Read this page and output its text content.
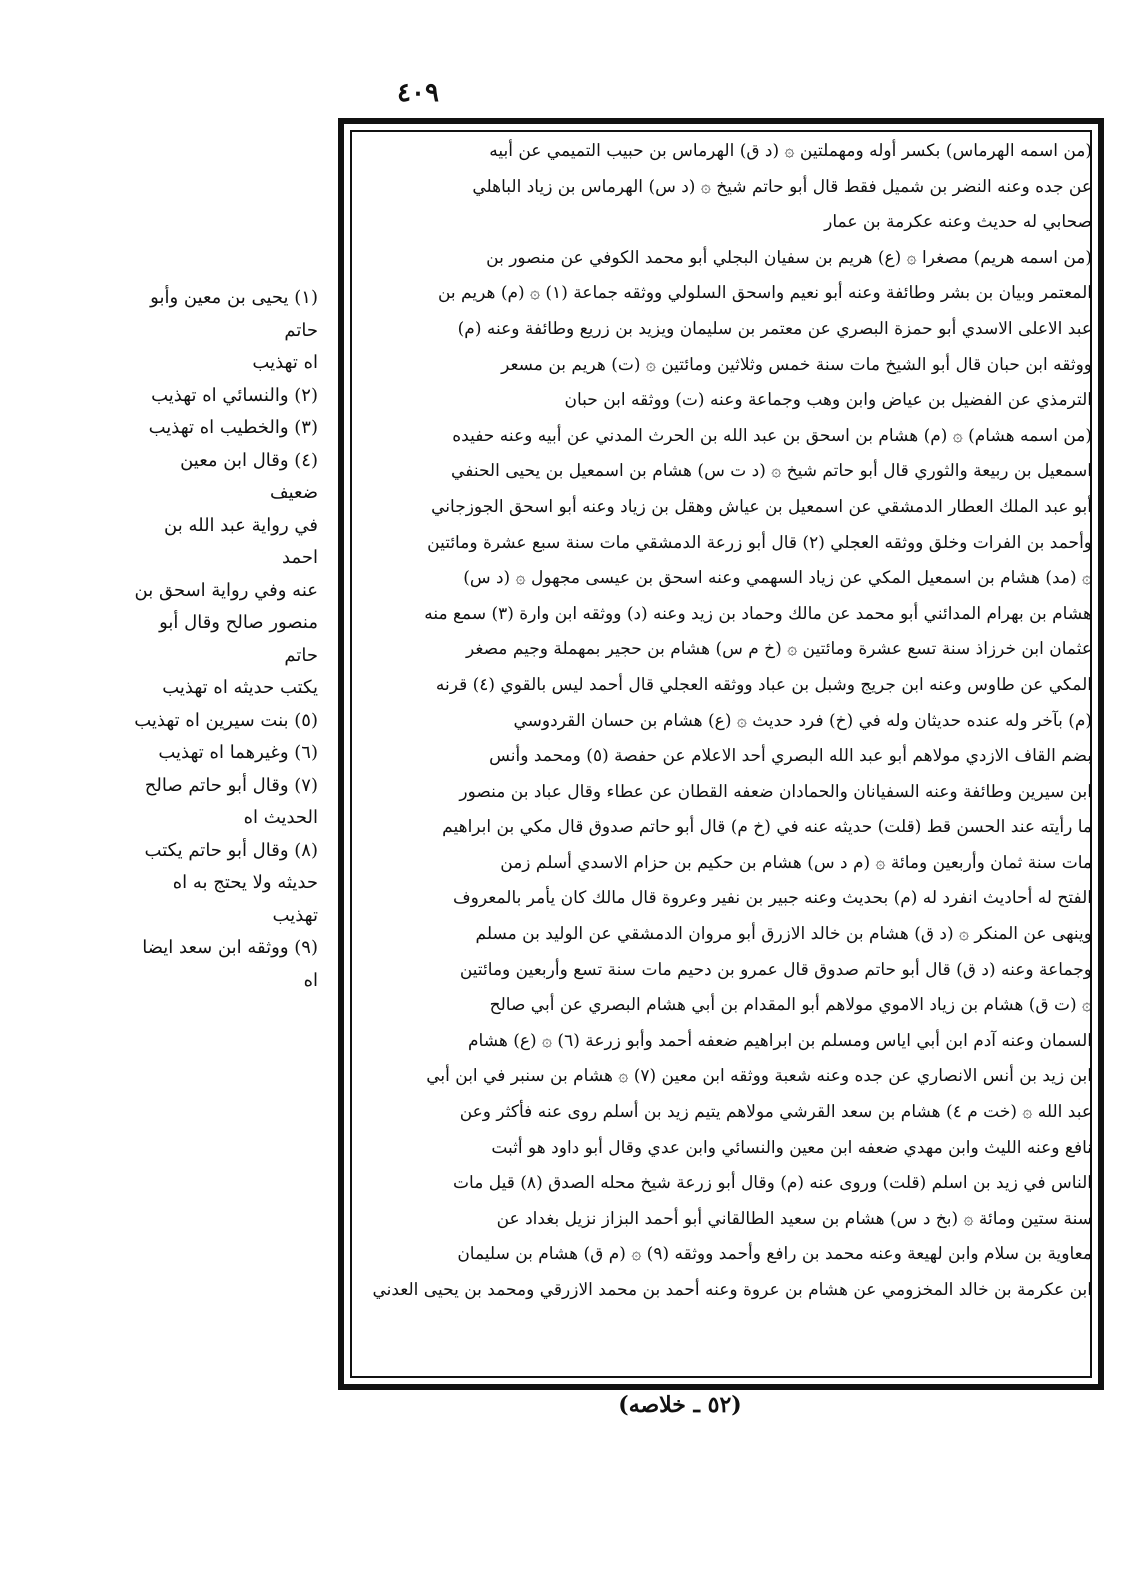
٤٠٩

(من اسمه الهرماس) بكسر أوله ومهملتين ۞ (د ق) الهرماس بن حبيب التميمي عن أبيه

عن جده وعنه النضر بن شميل فقط قال أبو حاتم شيخ ۞ (د س) الهرماس بن زياد الباهلي

صحابي له حديث وعنه عكرمة بن عمار

(من اسمه هريم) مصغرا ۞ (ع) هريم بن سفيان البجلي أبو محمد الكوفي عن منصور بن

المعتمر وبيان بن بشر وطائفة وعنه أبو نعيم واسحق السلولي ووثقه جماعة (١) ۞ (م) هريم بن

عبد الاعلى الاسدي أبو حمزة البصري عن معتمر بن سليمان ويزيد بن زريع وطائفة وعنه (م)

ووثقه ابن حبان قال أبو الشيخ مات سنة خمس وثلاثين ومائتين ۞ (ت) هريم بن مسعر

الترمذي عن الفضيل بن عياض وابن وهب وجماعة وعنه (ت) ووثقه ابن حبان

(من اسمه هشام) ۞ (م) هشام بن اسحق بن عبد الله بن الحرث المدني عن أبيه وعنه حفيده

اسمعيل بن ربيعة والثوري قال أبو حاتم شيخ ۞ (د ت س) هشام بن اسمعيل بن يحيى الحنفي

أبو عبد الملك العطار الدمشقي عن اسمعيل بن عياش وهقل بن زياد وعنه أبو اسحق الجوزجاني

وأحمد بن الفرات وخلق ووثقه العجلي (٢) قال أبو زرعة الدمشقي مات سنة سبع عشرة ومائتين

۞ (مد) هشام بن اسمعيل المكي عن زياد السهمي وعنه اسحق بن عيسى مجهول ۞ (د س)

هشام بن بهرام المدائني أبو محمد عن مالك وحماد بن زيد وعنه (د) ووثقه ابن وارة (٣) سمع منه

عثمان ابن خرزاذ سنة تسع عشرة ومائتين ۞ (خ م س) هشام بن حجير بمهملة وجيم مصغر

المكي عن طاوس وعنه ابن جريج وشبل بن عباد ووثقه العجلي قال أحمد ليس بالقوي (٤) قرنه

(م) بآخر وله عنده حديثان وله في (خ) فرد حديث ۞ (ع) هشام بن حسان القردوسي

بضم القاف الازدي مولاهم أبو عبد الله البصري أحد الاعلام عن حفصة (٥) ومحمد وأنس

ابن سيرين وطائفة وعنه السفيانان والحمادان ضعفه القطان عن عطاء وقال عباد بن منصور

ما رأيته عند الحسن قط (قلت) حديثه عنه في (خ م) قال أبو حاتم صدوق قال مكي بن ابراهيم

مات سنة ثمان وأربعين ومائة ۞ (م د س) هشام بن حكيم بن حزام الاسدي أسلم زمن

الفتح له أحاديث انفرد له (م) بحديث وعنه جبير بن نفير وعروة قال مالك كان يأمر بالمعروف

وينهى عن المنكر ۞ (د ق) هشام بن خالد الازرق أبو مروان الدمشقي عن الوليد بن مسلم

وجماعة وعنه (د ق) قال أبو حاتم صدوق قال عمرو بن دحيم مات سنة تسع وأربعين ومائتين

۞ (ت ق) هشام بن زياد الاموي مولاهم أبو المقدام بن أبي هشام البصري عن أبي صالح

السمان وعنه آدم ابن أبي اياس ومسلم بن ابراهيم ضعفه أحمد وأبو زرعة (٦) ۞ (ع) هشام

ابن زيد بن أنس الانصاري عن جده وعنه شعبة ووثقه ابن معين (٧) ۞ هشام بن سنبر في ابن أبي

عبد الله ۞ (خت م ٤) هشام بن سعد القرشي مولاهم يتيم زيد بن أسلم روى عنه فأكثر وعن

نافع وعنه الليث وابن مهدي ضعفه ابن معين والنسائي وابن عدي وقال أبو داود هو أثبت

الناس في زيد بن اسلم (قلت) وروى عنه (م) وقال أبو زرعة شيخ محله الصدق (٨) قيل مات

سنة ستين ومائة ۞ (بخ د س) هشام بن سعيد الطالقاني أبو أحمد البزاز نزيل بغداد عن

معاوية بن سلام وابن لهيعة وعنه محمد بن رافع وأحمد ووثقه (٩) ۞ (م ق) هشام بن سليمان

ابن عكرمة بن خالد المخزومي عن هشام بن عروة وعنه أحمد بن محمد الازرقي ومحمد بن يحيى العدني

(١) يحيى بن معين وأبو حاتم
اه تهذيب
(٢) والنسائي اه تهذيب
(٣) والخطيب اه تهذيب
(٤) وقال ابن معين ضعيف
في رواية عبد الله بن احمد
عنه وفي رواية اسحق بن
منصور صالح وقال أبو حاتم
يكتب حديثه اه تهذيب
(٥) بنت سيرين اه تهذيب
(٦) وغيرهما اه تهذيب
(٧) وقال أبو حاتم صالح
الحديث اه
(٨) وقال أبو حاتم يكتب
حديثه ولا يحتج به اه
تهذيب
(٩) ووثقه ابن سعد ايضا
اه
(٥٢ ـ خلاصه)
